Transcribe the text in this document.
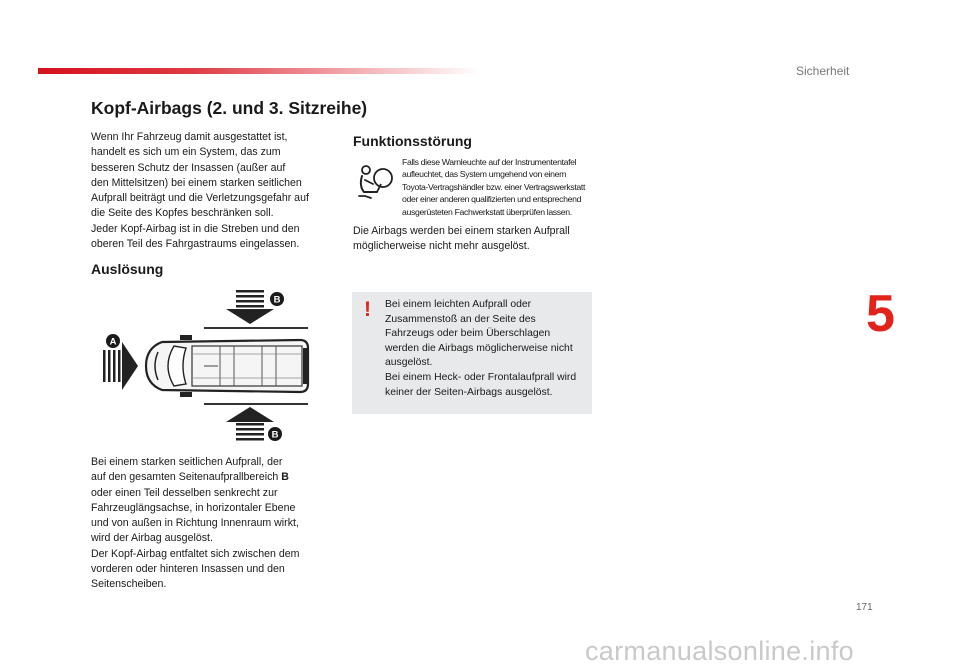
Sicherheit
Kopf-Airbags (2. und 3. Sitzreihe)

Wenn Ihr Fahrzeug damit ausgestattet ist,
handelt es sich um ein System, das zum
besseren Schutz der Insassen (außer auf
den Mittelsitzen) bei einem starken seitlichen
Aufprall beiträgt und die Verletzungsgefahr auf
die Seite des Kopfes beschränken soll.
Jeder Kopf-Airbag ist in die Streben und den
oberen Teil des Fahrgastraums eingelassen.

Auslösung
B
A
B

Bei einem starken seitlichen Aufprall, der
auf den gesamten Seitenaufprallbereich B
oder einen Teil desselben senkrecht zur
Fahrzeuglängsachse, in horizontaler Ebene
und von außen in Richtung Innenraum wirkt,
wird der Airbag ausgelöst.
Der Kopf-Airbag entfaltet sich zwischen dem
vorderen oder hinteren Insassen und den
Seitenscheiben.

Funktionsstörung

Falls diese Warnleuchte auf der Instrumententafel
aufleuchtet, das System umgehend von einem
Toyota-Vertragshändler bzw. einer Vertragswerkstatt
oder einer anderen qualifizierten und entsprechend
ausgerüsteten Fachwerkstatt überprüfen lassen.

Die Airbags werden bei einem starken Aufprall
möglicherweise nicht mehr ausgelöst.

! Bei einem leichten Aufprall oder
Zusammenstoß an der Seite des
Fahrzeugs oder beim Überschlagen
werden die Airbags möglicherweise nicht
ausgelöst.
Bei einem Heck- oder Frontalaufprall wird
keiner der Seiten-Airbags ausgelöst.

5
171
carmanualsonline.info
